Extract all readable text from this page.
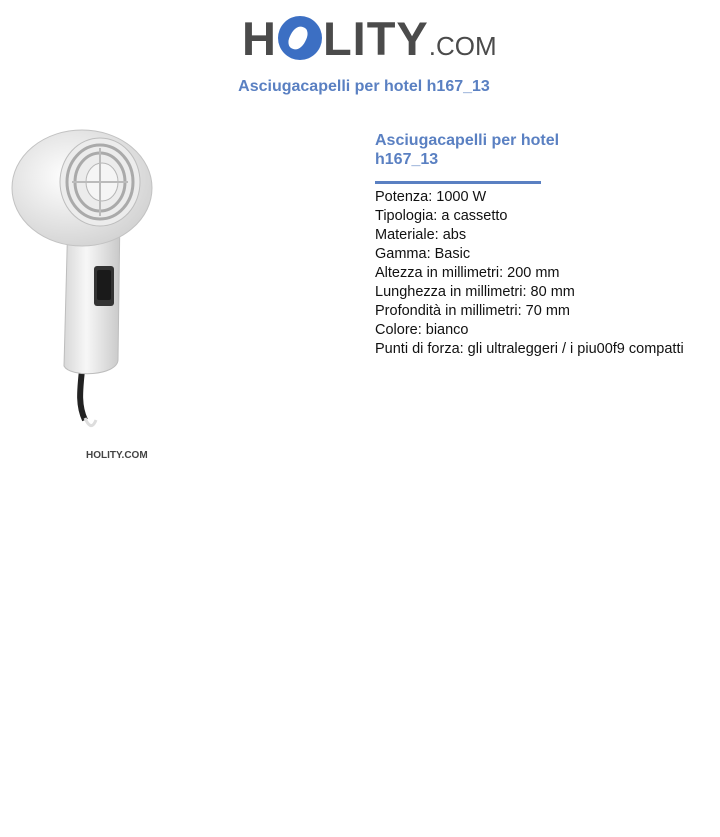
H LITY.COM
Asciugacapelli per hotel h167_13
HOLITY.COM
Asciugacapelli per hotel h167_13
Potenza: 1000 W
Tipologia: a cassetto
Materiale: abs
Gamma: Basic
Altezza in millimetri: 200 mm
Lunghezza in millimetri: 80 mm
Profondità in millimetri: 70 mm
Colore: bianco
Punti di forza: gli ultraleggeri / i piu00f9 compatti
